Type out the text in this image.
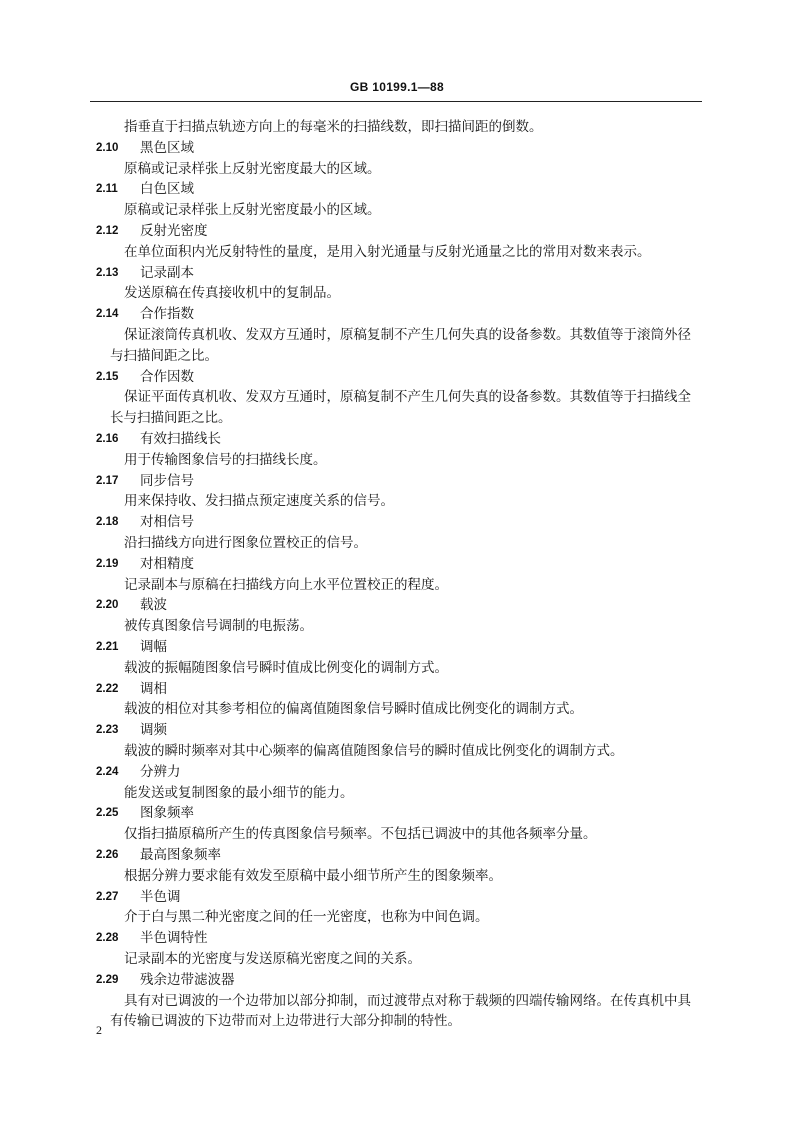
GB 10199.1—88
指垂直于扫描点轨迹方向上的每毫米的扫描线数，即扫描间距的倒数。
2.10 黑色区域
原稿或记录样张上反射光密度最大的区域。
2.11 白色区域
原稿或记录样张上反射光密度最小的区域。
2.12 反射光密度
在单位面积内光反射特性的量度，是用入射光通量与反射光通量之比的常用对数来表示。
2.13 记录副本
发送原稿在传真接收机中的复制品。
2.14 合作指数
保证滚筒传真机收、发双方互通时，原稿复制不产生几何失真的设备参数。其数值等于滚筒外径
与扫描间距之比。
2.15 合作因数
保证平面传真机收、发双方互通时，原稿复制不产生几何失真的设备参数。其数值等于扫描线全
长与扫描间距之比。
2.16 有效扫描线长
用于传输图象信号的扫描线长度。
2.17 同步信号
用来保持收、发扫描点预定速度关系的信号。
2.18 对相信号
沿扫描线方向进行图象位置校正的信号。
2.19 对相精度
记录副本与原稿在扫描线方向上水平位置校正的程度。
2.20 载波
被传真图象信号调制的电振荡。
2.21 调幅
载波的振幅随图象信号瞬时值成比例变化的调制方式。
2.22 调相
载波的相位对其参考相位的偏离值随图象信号瞬时值成比例变化的调制方式。
2.23 调频
载波的瞬时频率对其中心频率的偏离值随图象信号的瞬时值成比例变化的调制方式。
2.24 分辨力
能发送或复制图象的最小细节的能力。
2.25 图象频率
仅指扫描原稿所产生的传真图象信号频率。不包括已调波中的其他各频率分量。
2.26 最高图象频率
根据分辨力要求能有效发至原稿中最小细节所产生的图象频率。
2.27 半色调
介于白与黑二种光密度之间的任一光密度，也称为中间色调。
2.28 半色调特性
记录副本的光密度与发送原稿光密度之间的关系。
2.29 残余边带滤波器
具有对已调波的一个边带加以部分抑制，而过渡带点对称于载频的四端传输网络。在传真机中具
有传输已调波的下边带而对上边带进行大部分抑制的特性。
2
